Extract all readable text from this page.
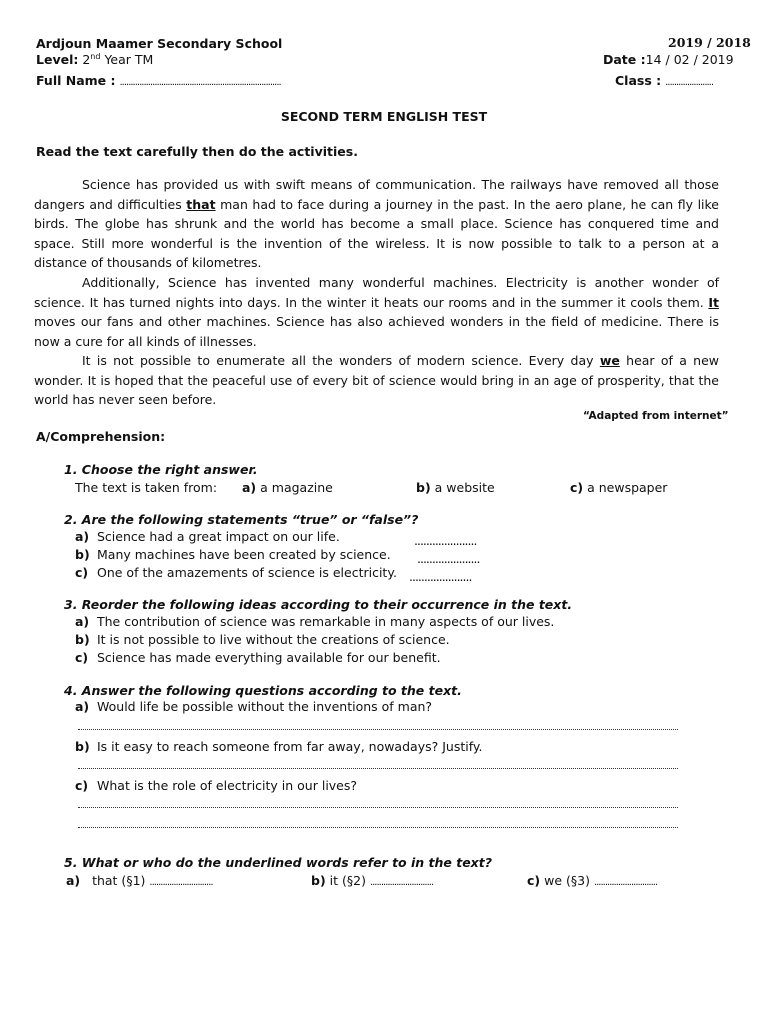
Ardjoun Maamer Secondary School	2019 / 2018
Level: 2nd Year TM	Date :14 / 02 / 2019
Full Name : ..........................................................................	Class : ......................
SECOND TERM ENGLISH TEST
Read the text carefully then do the activities.
Science has provided us with swift means of communication. The railways have removed all those dangers and difficulties that man had to face during a journey in the past. In the aero plane, he can fly like birds. The globe has shrunk and the world has become a small place. Science has conquered time and space. Still more wonderful is the invention of the wireless. It is now possible to talk to a person at a distance of thousands of kilometres.
Additionally, Science has invented many wonderful machines. Electricity is another wonder of science. It has turned nights into days. In the winter it heats our rooms and in the summer it cools them. It moves our fans and other machines. Science has also achieved wonders in the field of medicine. There is now a cure for all kinds of illnesses.
It is not possible to enumerate all the wonders of modern science. Every day we hear of a new wonder. It is hoped that the peaceful use of every bit of science would bring in an age of prosperity, that the world has never seen before.
“Adapted from internet”
A/Comprehension:
1. Choose the right answer.
The text is taken from: a) a magazine	b) a website	c) a newspaper
2. Are the following statements “true” or “false”?
a) Science had a great impact on our life.	.....................
b) Many machines have been created by science. .....................
c) One of the amazements of science is electricity. .....................
3. Reorder the following ideas according to their occurrence in the text.
a) The contribution of science was remarkable in many aspects of our lives.
b) It is not possible to live without the creations of science.
c) Science has made everything available for our benefit.
4. Answer the following questions according to the text.
a) Would life be possible without the inventions of man?
b) Is it easy to reach someone from far away, nowadays? Justify.
c) What is the role of electricity in our lives?
5. What or who do the underlined words refer to in the text?
a) that (§1) .............................	b) it (§2) .............................	c) we (§3) .............................
